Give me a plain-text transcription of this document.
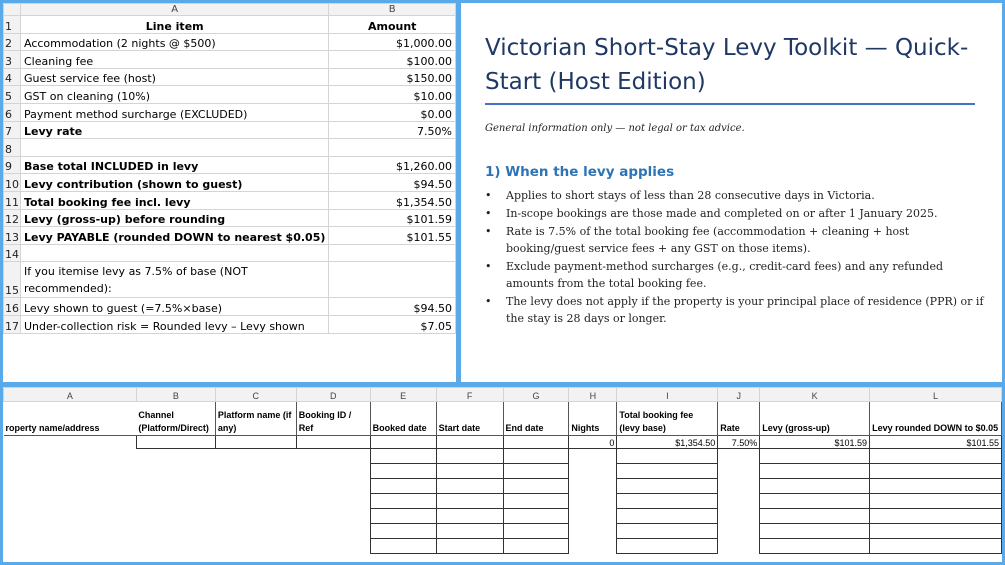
	A	B
1	Line item	Amount
2	Accommodation (2 nights @ $500)	$1,000.00
3	Cleaning fee	$100.00
4	Guest service fee (host)	$150.00
5	GST on cleaning (10%)	$10.00
6	Payment method surcharge (EXCLUDED)	$0.00
7	Levy rate	7.50%
8		
9	Base total INCLUDED in levy	$1,260.00
10	Levy contribution (shown to guest)	$94.50
11	Total booking fee incl. levy	$1,354.50
12	Levy (gross-up) before rounding	$101.59
13	Levy PAYABLE (rounded DOWN to nearest $0.05)	$101.55
14		
15	If you itemise levy as 7.5% of base (NOT recommended):	
16	Levy shown to guest (=7.5%×base)	$94.50
17	Under-collection risk = Rounded levy – Levy shown	$7.05
Victorian Short-Stay Levy Toolkit — Quick-Start (Host Edition)
General information only — not legal or tax advice.
1) When the levy applies
• Applies to short stays of less than 28 consecutive days in Victoria.
• In-scope bookings are those made and completed on or after 1 January 2025.
• Rate is 7.5% of the total booking fee (accommodation + cleaning + host booking/guest service fees + any GST on those items).
• Exclude payment-method surcharges (e.g., credit-card fees) and any refunded amounts from the total booking fee.
• The levy does not apply if the property is your principal place of residence (PPR) or if the stay is 28 days or longer.
A	B	C	D	E	F	G	H	I	J	K	L
roperty name/address	Channel (Platform/Direct)	Platform name (if any)	Booking ID / Ref	Booked date	Start date	End date	Nights	Total booking fee (levy base)	Rate	Levy (gross-up)	Levy rounded DOWN to $0.05
							0	$1,354.50	7.50%	$101.59	$101.55
